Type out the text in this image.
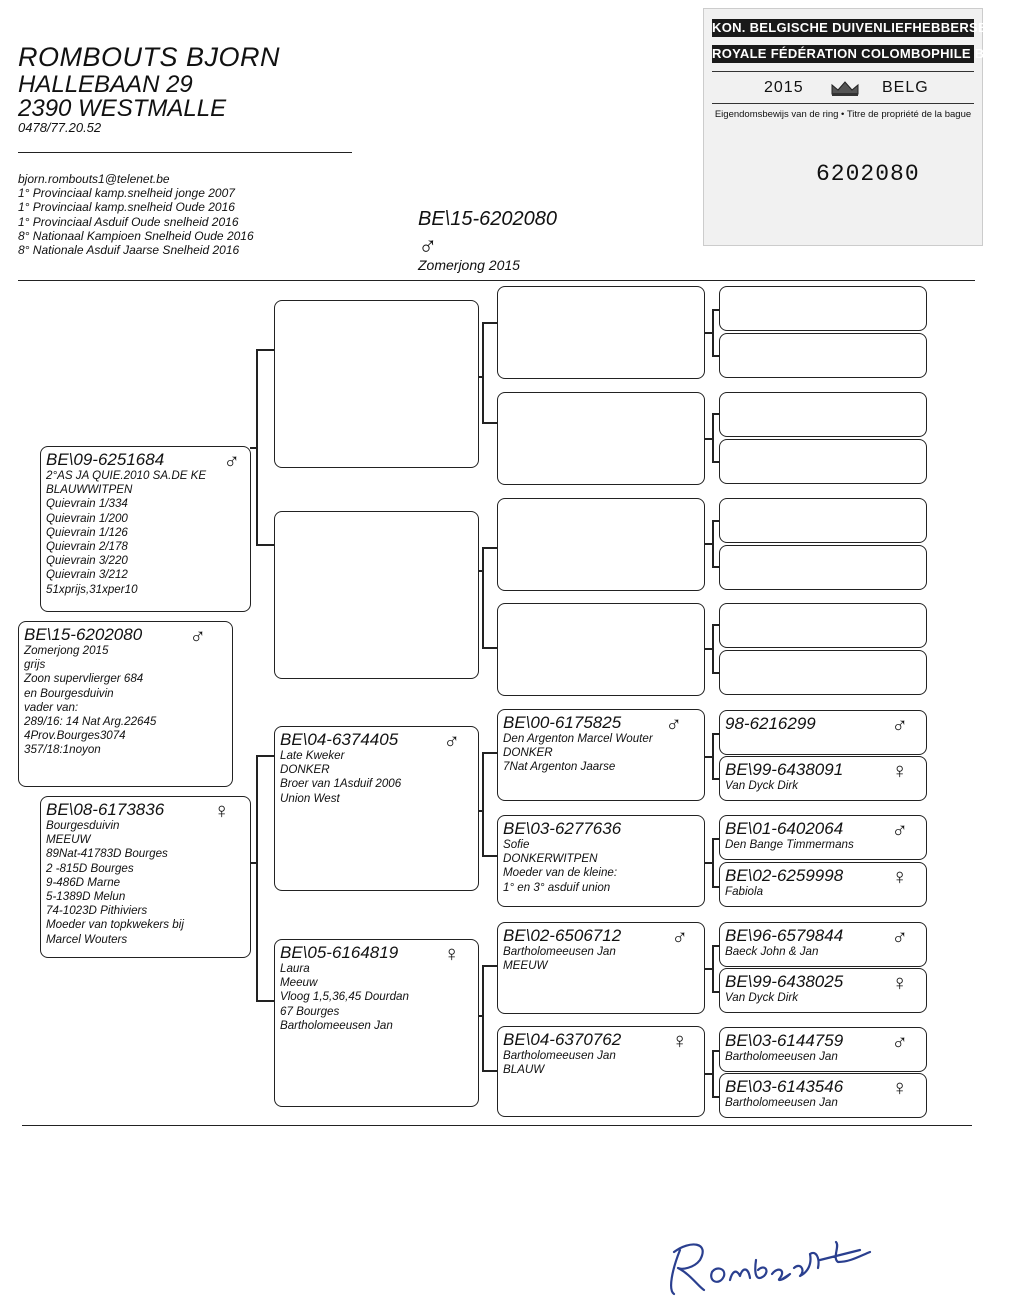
ROMBOUTS BJORN
HALLEBAAN 29
2390 WESTMALLE
0478/77.20.52
bjorn.rombouts1@telenet.be
1° Provinciaal kamp.snelheid jonge 2007
1° Provinciaal kamp.snelheid Oude 2016
1° Provinciaal Asduif Oude snelheid 2016
8° Nationaal Kampioen Snelheid Oude 2016
8° Nationale Asduif Jaarse Snelheid 2016
BE\15-6202080
♂
Zomerjong 2015
KON. BELGISCHE DUIVENLIEFHEBBERSBOND
ROYALE FÉDÉRATION COLOMBOPHILE BELGE
2015	BELG
Eigendomsbewijs van de ring • Titre de propriété de la bague
6202080
BE\09-6251684	♂
2°AS JA QUIE.2010 SA.DE KE
BLAUWWITPEN
Quievrain 1/334
Quievrain 1/200
Quievrain 1/126
Quievrain 2/178
Quievrain 3/220
Quievrain 3/212
51xprijs,31xper10
BE\15-6202080	♂
Zomerjong 2015
grijs
Zoon supervlierger 684
en Bourgesduivin
vader van:
289/16: 14 Nat Arg.22645
4Prov.Bourges3074
357/18:1noyon
BE\08-6173836	♀
Bourgesduivin
MEEUW
89Nat-41783D Bourges
2 -815D Bourges
9-486D Marne
5-1389D Melun
74-1023D Pithiviers
Moeder van topkwekers bij
Marcel Wouters
BE\04-6374405	♂
Late Kweker
DONKER
Broer van 1Asduif 2006
Union West
BE\05-6164819	♀
Laura
Meeuw
Vloog 1,5,36,45 Dourdan
67 Bourges
Bartholomeeusen Jan
BE\00-6175825	♂
Den Argenton Marcel Wouter
DONKER
7Nat Argenton Jaarse
BE\03-6277636
Sofie
DONKERWITPEN
Moeder van de kleine:
1° en 3° asduif union
BE\02-6506712	♂
Bartholomeeusen Jan
MEEUW
BE\04-6370762	♀
Bartholomeeusen Jan
BLAUW
98-6216299	♂
BE\99-6438091	♀
Van Dyck Dirk
BE\01-6402064	♂
Den Bange Timmermans
BE\02-6259998	♀
Fabiola
BE\96-6579844	♂
Baeck John & Jan
BE\99-6438025	♀
Van Dyck Dirk
BE\03-6144759	♂
Bartholomeeusen Jan
BE\03-6143546	♀
Bartholomeeusen Jan
